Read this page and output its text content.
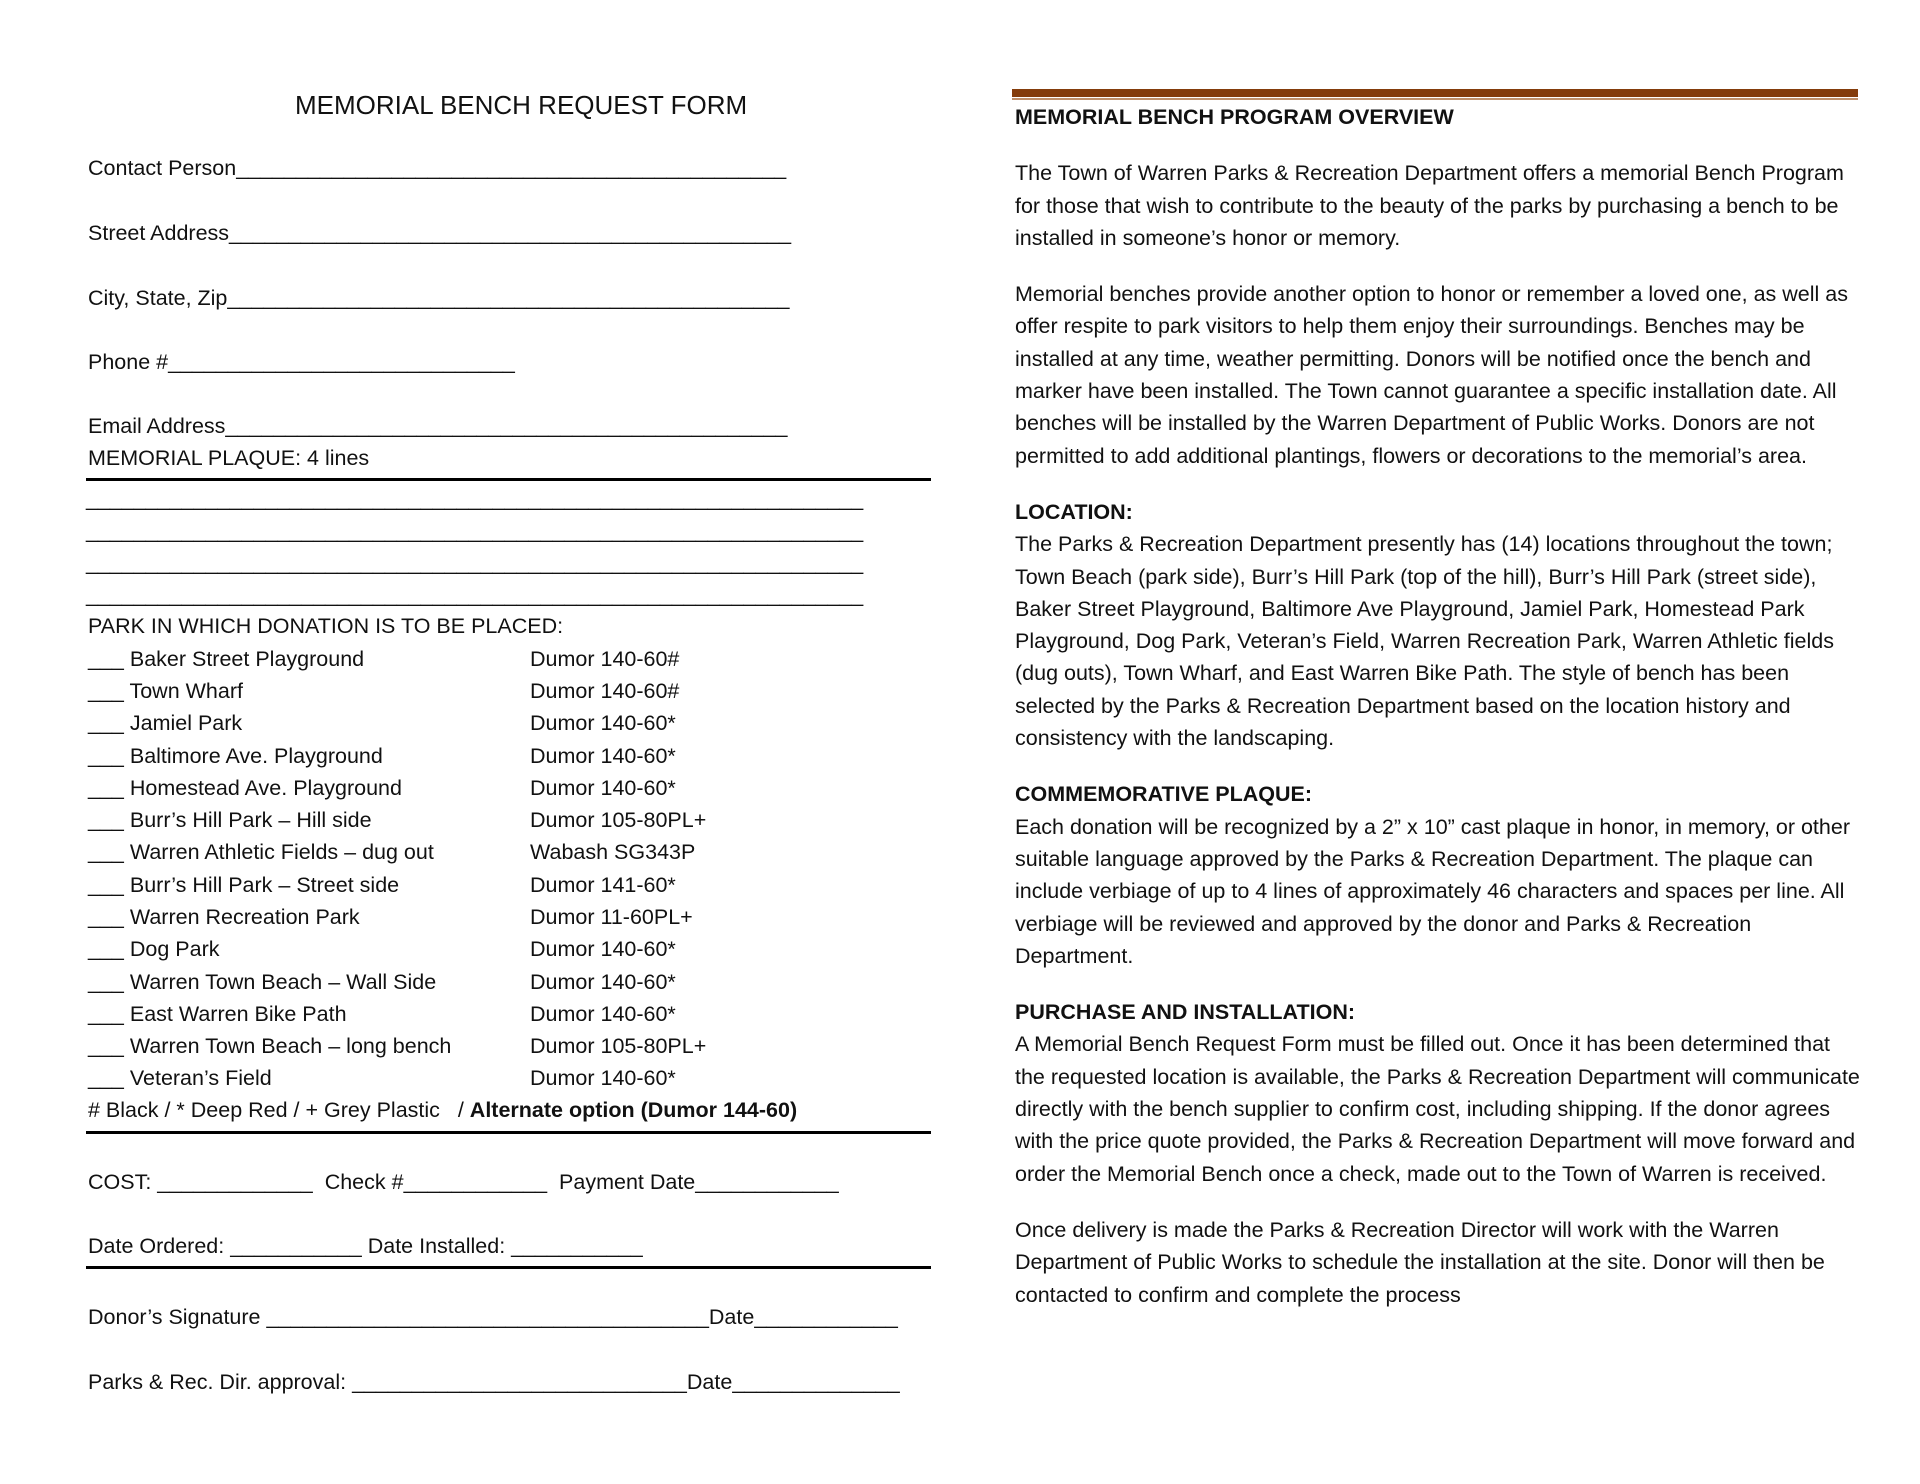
MEMORIAL BENCH REQUEST FORM
Contact Person______________________________________________
Street Address_______________________________________________
City, State, Zip_______________________________________________
Phone #_____________________________
Email Address_______________________________________________
MEMORIAL PLAQUE: 4 lines
_________________________________________________________________
_________________________________________________________________
_________________________________________________________________
_________________________________________________________________
PARK IN WHICH DONATION IS TO BE PLACED:
___ Baker Street Playground	Dumor 140-60#
___ Town Wharf	Dumor 140-60#
___ Jamiel Park	Dumor 140-60*
___ Baltimore Ave. Playground	Dumor 140-60*
___ Homestead Ave. Playground	Dumor 140-60*
___ Burr’s Hill Park – Hill side	Dumor 105-80PL+
___ Warren Athletic Fields – dug out	Wabash SG343P
___ Burr’s Hill Park – Street side	Dumor 141-60*
___ Warren Recreation Park	Dumor 11-60PL+
___ Dog Park	Dumor 140-60*
___ Warren Town Beach – Wall Side	Dumor 140-60*
___ East Warren Bike Path	Dumor 140-60*
___ Warren Town Beach – long bench	Dumor 105-80PL+
___ Veteran’s Field	Dumor 140-60*
# Black / * Deep Red / + Grey Plastic   / Alternate option (Dumor 144-60)
COST: _____________  Check #____________  Payment Date____________
Date Ordered: ___________ Date Installed: ___________
Donor’s Signature _____________________________________Date____________
Parks & Rec. Dir. approval: ____________________________Date______________

MEMORIAL BENCH PROGRAM OVERVIEW

The Town of Warren Parks & Recreation Department offers a memorial Bench Program for those that wish to contribute to the beauty of the parks by purchasing a bench to be installed in someone’s honor or memory.

Memorial benches provide another option to honor or remember a loved one, as well as offer respite to park visitors to help them enjoy their surroundings. Benches may be installed at any time, weather permitting. Donors will be notified once the bench and marker have been installed. The Town cannot guarantee a specific installation date. All benches will be installed by the Warren Department of Public Works. Donors are not permitted to add additional plantings, flowers or decorations to the memorial’s area.

LOCATION:

The Parks & Recreation Department presently has (14) locations throughout the town; Town Beach (park side), Burr’s Hill Park (top of the hill), Burr’s Hill Park (street side), Baker Street Playground, Baltimore Ave Playground, Jamiel Park, Homestead Park Playground, Dog Park, Veteran’s Field, Warren Recreation Park, Warren Athletic fields (dug outs), Town Wharf, and East Warren Bike Path. The style of bench has been selected by the Parks & Recreation Department based on the location history and consistency with the landscaping.

COMMEMORATIVE PLAQUE:

Each donation will be recognized by a 2” x 10” cast plaque in honor, in memory, or other suitable language approved by the Parks & Recreation Department. The plaque can include verbiage of up to 4 lines of approximately 46 characters and spaces per line. All verbiage will be reviewed and approved by the donor and Parks & Recreation Department.

PURCHASE AND INSTALLATION:

A Memorial Bench Request Form must be filled out. Once it has been determined that the requested location is available, the Parks & Recreation Department will communicate directly with the bench supplier to confirm cost, including shipping. If the donor agrees with the price quote provided, the Parks & Recreation Department will move forward and order the Memorial Bench once a check, made out to the Town of Warren is received.

Once delivery is made the Parks & Recreation Director will work with the Warren Department of Public Works to schedule the installation at the site. Donor will then be contacted to confirm and complete the process
